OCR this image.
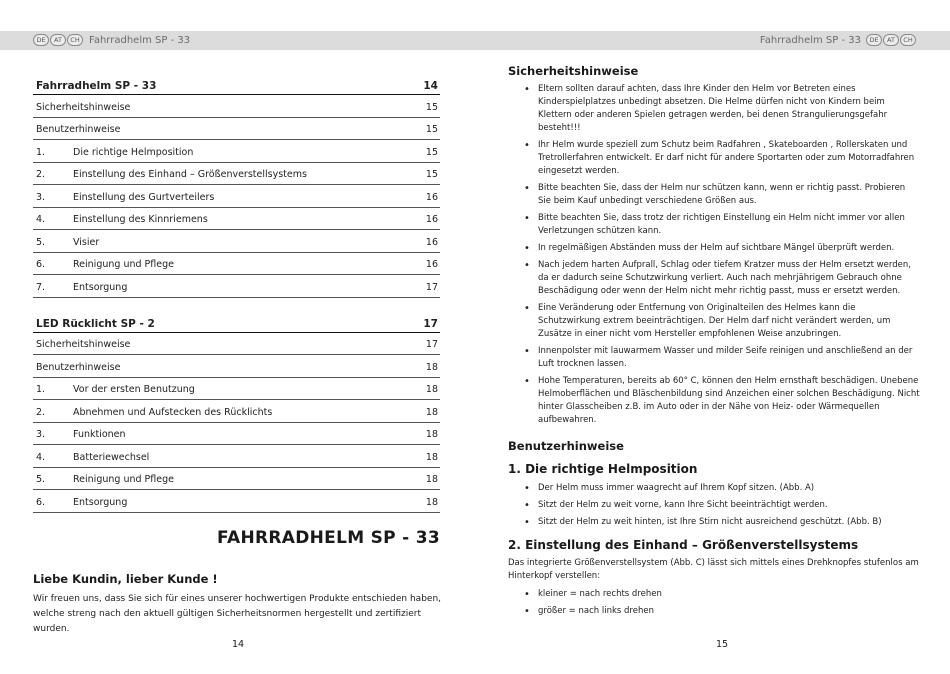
DE	AT	CH Fahrradhelm SP - 33	Fahrradhelm SP - 33	DE	AT	CH
Fahrradhelm SP - 33	14
Sicherheitshinweise	15
Benutzerhinweise	15
1.	Die richtige Helmposition	15
2.	Einstellung des Einhand – Größenverstellsystems	15
3.	Einstellung des Gurtverteilers	16
4.	Einstellung des Kinnriemens	16
5.	Visier	16
6.	Reinigung und Pflege	16
7.	Entsorgung	17
LED Rücklicht SP - 2	17
Sicherheitshinweise	17
Benutzerhinweise	18
1.	Vor der ersten Benutzung	18
2.	Abnehmen und Aufstecken des Rücklichts	18
3.	Funktionen	18
4.	Batteriewechsel	18
5.	Reinigung und Pflege	18
6.	Entsorgung	18
FAHRRADHELM SP - 33
Liebe Kundin, lieber Kunde !
Wir freuen uns, dass Sie sich für eines unserer hochwertigen Produkte entschieden haben, welche streng nach den aktuell gültigen Sicherheitsnormen hergestellt und zertifiziert wurden.
14
Sicherheitshinweise
• Eltern sollten darauf achten, dass Ihre Kinder den Helm vor Betreten eines Kinderspielplatzes unbedingt absetzen. Die Helme dürfen nicht von Kindern beim Klettern oder anderen Spielen getragen werden, bei denen Strangulierungsgefahr besteht!!!
• Ihr Helm wurde speziell zum Schutz beim Radfahren , Skateboarden , Rollerskaten und Tretrollerfahren entwickelt. Er darf nicht für andere Sportarten oder zum Motorradfahren eingesetzt werden.
• Bitte beachten Sie, dass der Helm nur schützen kann, wenn er richtig passt. Probieren Sie beim Kauf unbedingt verschiedene Größen aus.
• Bitte beachten Sie, dass trotz der richtigen Einstellung ein Helm nicht immer vor allen Verletzungen schützen kann.
• In regelmäßigen Abständen muss der Helm auf sichtbare Mängel überprüft werden.
• Nach jedem harten Aufprall, Schlag oder tiefem Kratzer muss der Helm ersetzt werden, da er dadurch seine Schutzwirkung verliert. Auch nach mehrjährigem Gebrauch ohne Beschädigung oder wenn der Helm nicht mehr richtig passt, muss er ersetzt werden.
• Eine Veränderung oder Entfernung von Originalteilen des Helmes kann die Schutzwirkung extrem beeinträchtigen. Der Helm darf nicht verändert werden, um Zusätze in einer nicht vom Hersteller empfohlenen Weise anzubringen.
• Innenpolster mit lauwarmem Wasser und milder Seife reinigen und anschließend an der Luft trocknen lassen.
• Hohe Temperaturen, bereits ab 60° C, können den Helm ernsthaft beschädigen. Unebene Helmoberflächen und Bläschenbildung sind Anzeichen einer solchen Beschädigung. Nicht hinter Glasscheiben z.B. im Auto oder in der Nähe von Heiz- oder Wärmequellen aufbewahren.
Benutzerhinweise
1. Die richtige Helmposition
• Der Helm muss immer waagrecht auf Ihrem Kopf sitzen. (Abb. A)
• Sitzt der Helm zu weit vorne, kann Ihre Sicht beeinträchtigt werden.
• Sitzt der Helm zu weit hinten, ist Ihre Stirn nicht ausreichend geschützt. (Abb. B)
2. Einstellung des Einhand – Größenverstellsystems
Das integrierte Größenverstellsystem (Abb. C) lässt sich mittels eines Drehknopfes stufenlos am Hinterkopf verstellen:
• kleiner = nach rechts drehen
• größer = nach links drehen
15
